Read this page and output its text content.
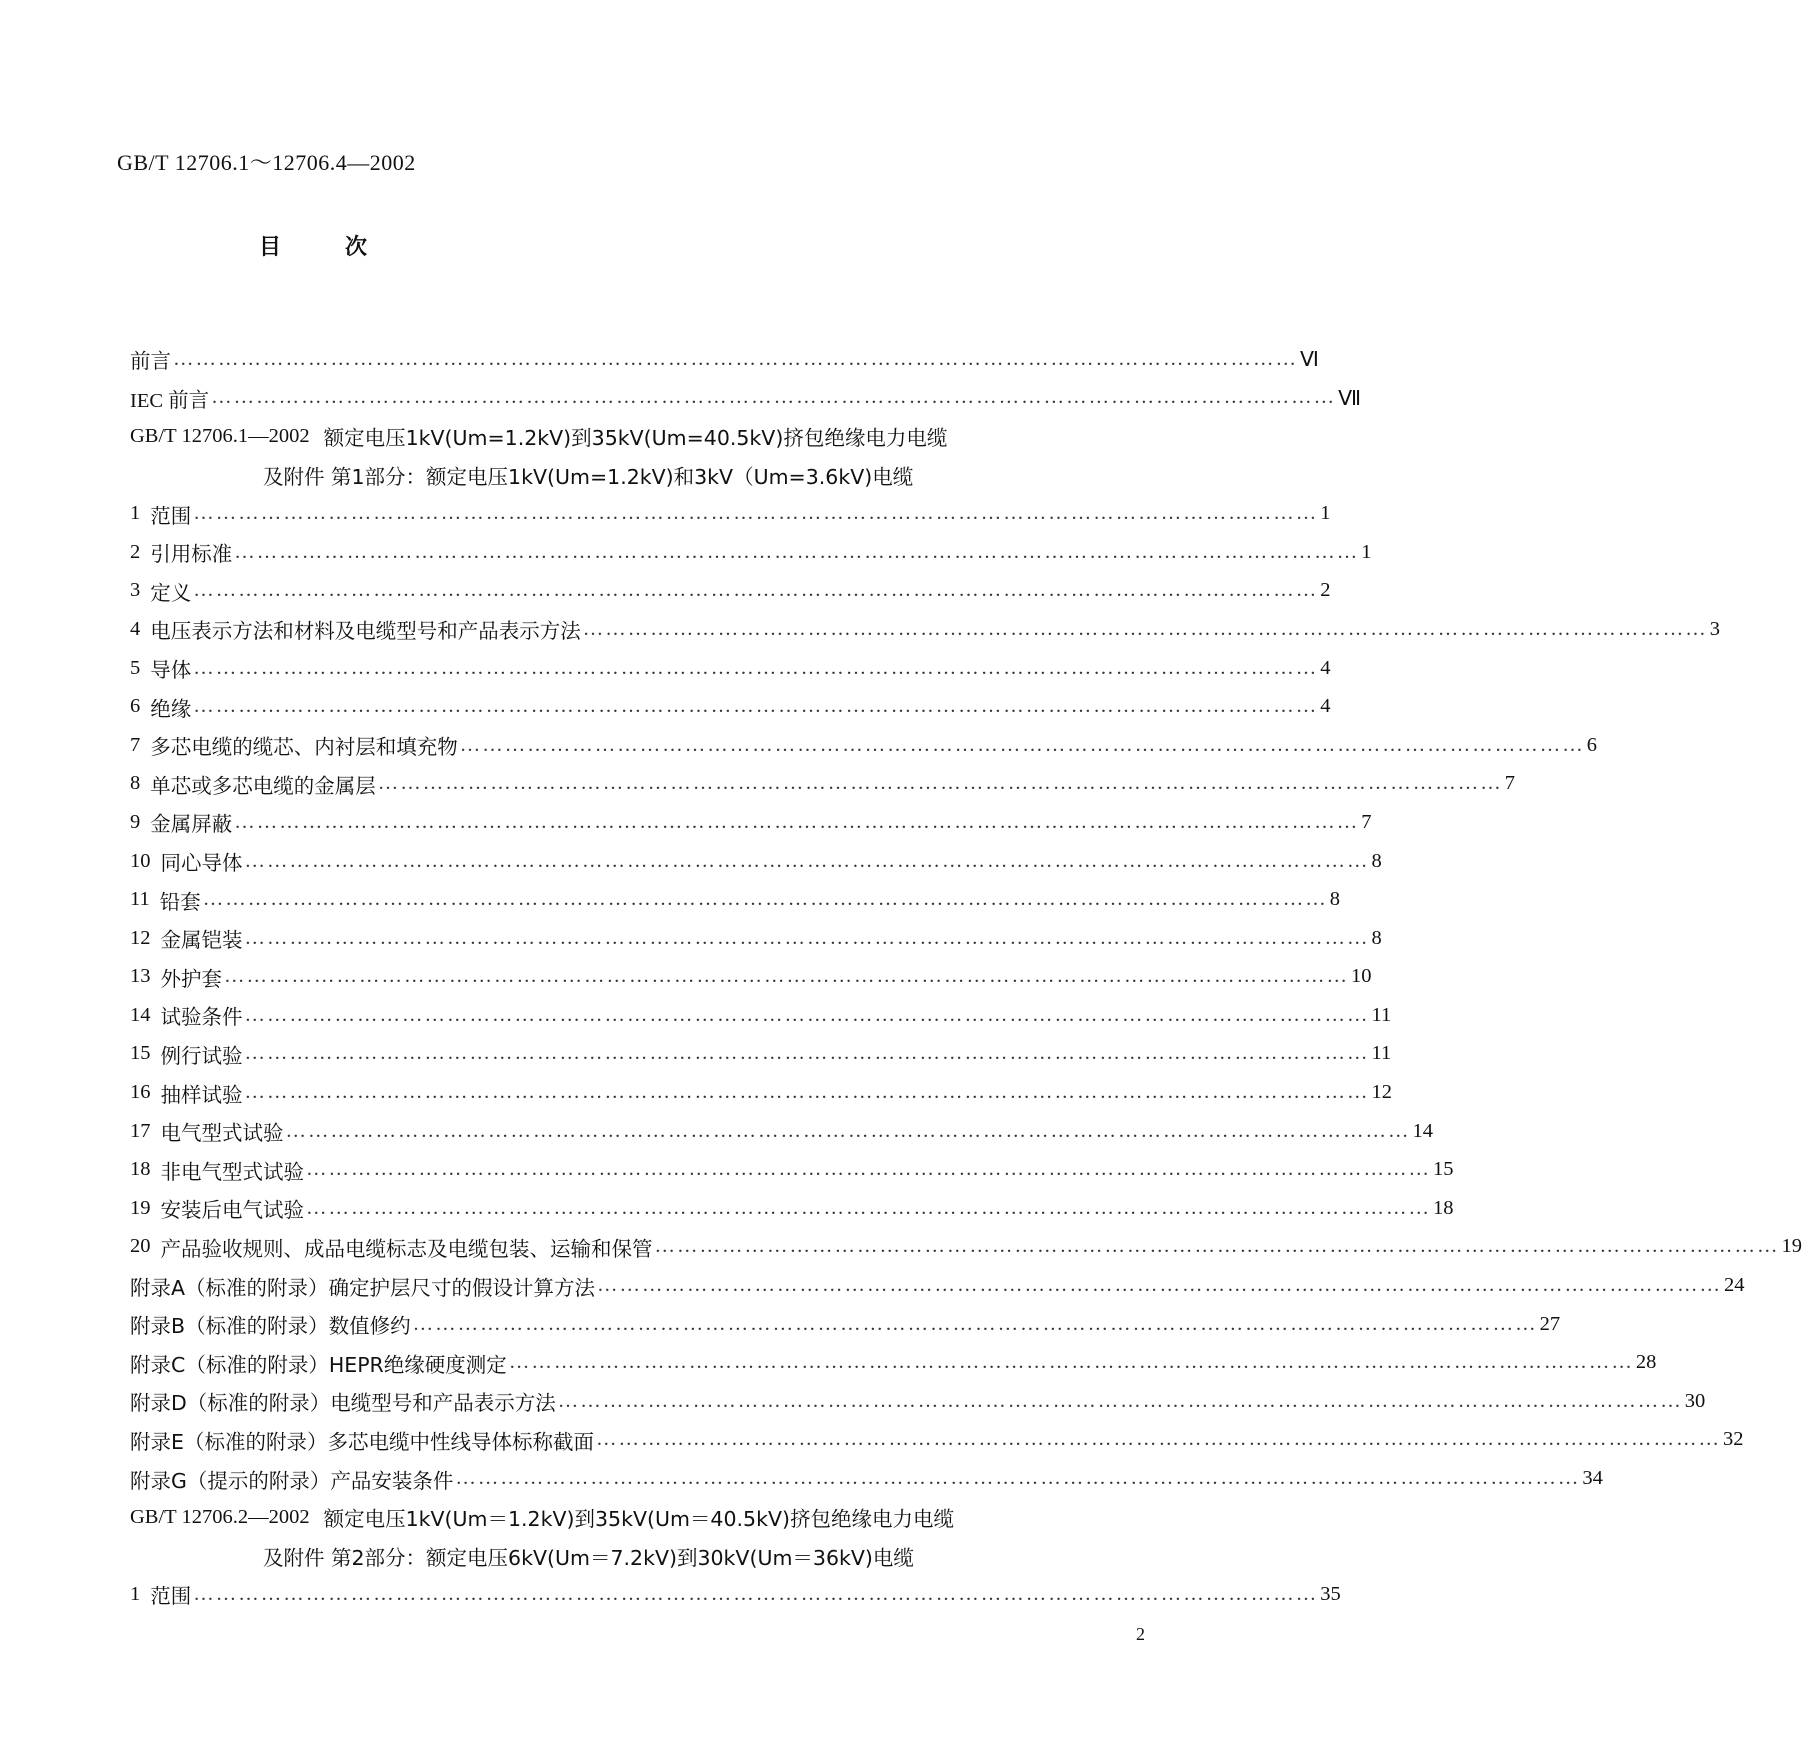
GB/T 12706.1～12706.4—2002
目	次
前言 …………………………………………………………………………………………………………………………………… Ⅵ
IEC 前言 …………………………………………………………………………………………………………………………………… Ⅶ
GB/T 12706.1—2002 额定电压1kV(Um=1.2kV)到35kV(Um=40.5kV)挤包绝缘电力电缆
及附件 第1部分：额定电压1kV(Um=1.2kV)和3kV（Um=3.6kV)电缆
1 范围 …………………………………………………………………………………………………………………………………… 1
2 引用标准 …………………………………………………………………………………………………………………………………… 1
3 定义 …………………………………………………………………………………………………………………………………… 2
4 电压表示方法和材料及电缆型号和产品表示方法 …………………………………………………………………………………………………………………………………… 3
5 导体 …………………………………………………………………………………………………………………………………… 4
6 绝缘 …………………………………………………………………………………………………………………………………… 4
7 多芯电缆的缆芯、内衬层和填充物 …………………………………………………………………………………………………………………………………… 6
8 单芯或多芯电缆的金属层 …………………………………………………………………………………………………………………………………… 7
9 金属屏蔽 …………………………………………………………………………………………………………………………………… 7
10 同心导体 …………………………………………………………………………………………………………………………………… 8
11 铅套 …………………………………………………………………………………………………………………………………… 8
12 金属铠装 …………………………………………………………………………………………………………………………………… 8
13 外护套 …………………………………………………………………………………………………………………………………… 10
14 试验条件 …………………………………………………………………………………………………………………………………… 11
15 例行试验 …………………………………………………………………………………………………………………………………… 11
16 抽样试验 …………………………………………………………………………………………………………………………………… 12
17 电气型式试验 …………………………………………………………………………………………………………………………………… 14
18 非电气型式试验 …………………………………………………………………………………………………………………………………… 15
19 安装后电气试验 …………………………………………………………………………………………………………………………………… 18
20 产品验收规则、成品电缆标志及电缆包装、运输和保管 …………………………………………………………………………………………………………………………………… 19
附录A（标准的附录） 确定护层尺寸的假设计算方法 …………………………………………………………………………………………………………………………………… 24
附录B（标准的附录） 数值修约 …………………………………………………………………………………………………………………………………… 27
附录C（标准的附录） HEPR绝缘硬度测定 …………………………………………………………………………………………………………………………………… 28
附录D（标准的附录） 电缆型号和产品表示方法 …………………………………………………………………………………………………………………………………… 30
附录E（标准的附录） 多芯电缆中性线导体标称截面 …………………………………………………………………………………………………………………………………… 32
附录G（提示的附录） 产品安装条件 …………………………………………………………………………………………………………………………………… 34
GB/T 12706.2—2002 额定电压1kV(Um＝1.2kV)到35kV(Um＝40.5kV)挤包绝缘电力电缆
及附件 第2部分：额定电压6kV(Um＝7.2kV)到30kV(Um＝36kV)电缆
1 范围 …………………………………………………………………………………………………………………………………… 35
2
